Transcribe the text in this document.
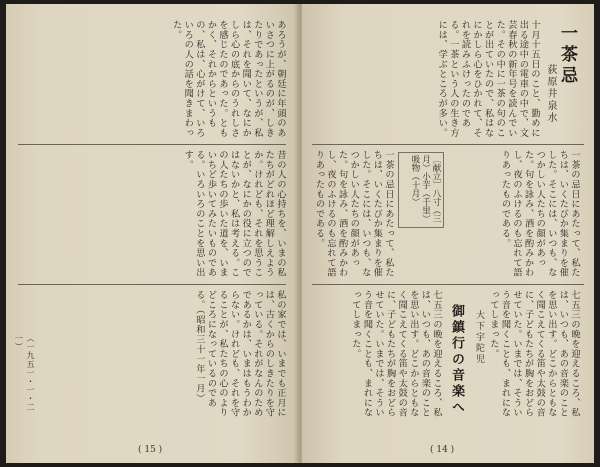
あろうが、朝廷に年頭のあいさつに上がるのが、しきたりであったというが、私は、それを聞いて、なにかしら心の底からのうれしさを感じたのであった。ともかく、それからというもの、私は、心がけて、いろいろの人の話を聞きまわった。
昔の人の心持ちを、いまの私たちがどれほど理解しえようか。けれども、それを思うことが、なにかの役に立つのではないかと、私は考える。この人たちの歩いた道を、いまいちど歩いてみたいものである。いろいろのことを思い出す。
私の家では、いまでも正月には、古くからのしきたりを守っている。それがなんのためであるかは、いまはもうわからない。けれども、それを守ることが、私たちの心のよりどころになっているのである。（昭和三十一年一月）
（一九五一・一・二一）
( 15 )
一茶忌
荻原井泉水
十月十五日のこと、勤めに出る途中の電車の中で、文芸春秋の新年号を読んでいた。その中に一茶の句のことが出ていたので、私はなにかしら心をひかれて、それを読みふけったのである。一茶という人の生き方には、学ぶところが多い。
〔献立〕八寸（三月）小芋（千里）吸物（十月）	一茶の忌日にあたって、私たちは、いくたびか集まりを催した。そこには、いつも、なつかしい人たちの顔があった。句を詠み、酒を酌みかわし、夜のふけるのも忘れて語りあったものである。
一茶の忌日にあたって、私たちは、いくたびか集まりを催した。そこには、いつも、なつかしい人たちの顔があった。句を詠み、酒を酌みかわし、夜のふけるのも忘れて語りあったものである。
御鎮行の音楽へ 大下宇陀児	七五三の晩を迎えるころ、私は、いつも、あの音楽のことを思い出す。どこからともなく聞こえてくる笛や太鼓の音に、子どもたちが胸をおどらせていた。いまでは、そういう音を聞くことも、まれになってしまった。
七五三の晩を迎えるころ、私は、いつも、あの音楽のことを思い出す。どこからともなく聞こえてくる笛や太鼓の音に、子どもたちが胸をおどらせていた。いまでは、そういう音を聞くことも、まれになってしまった。
( 14 )
